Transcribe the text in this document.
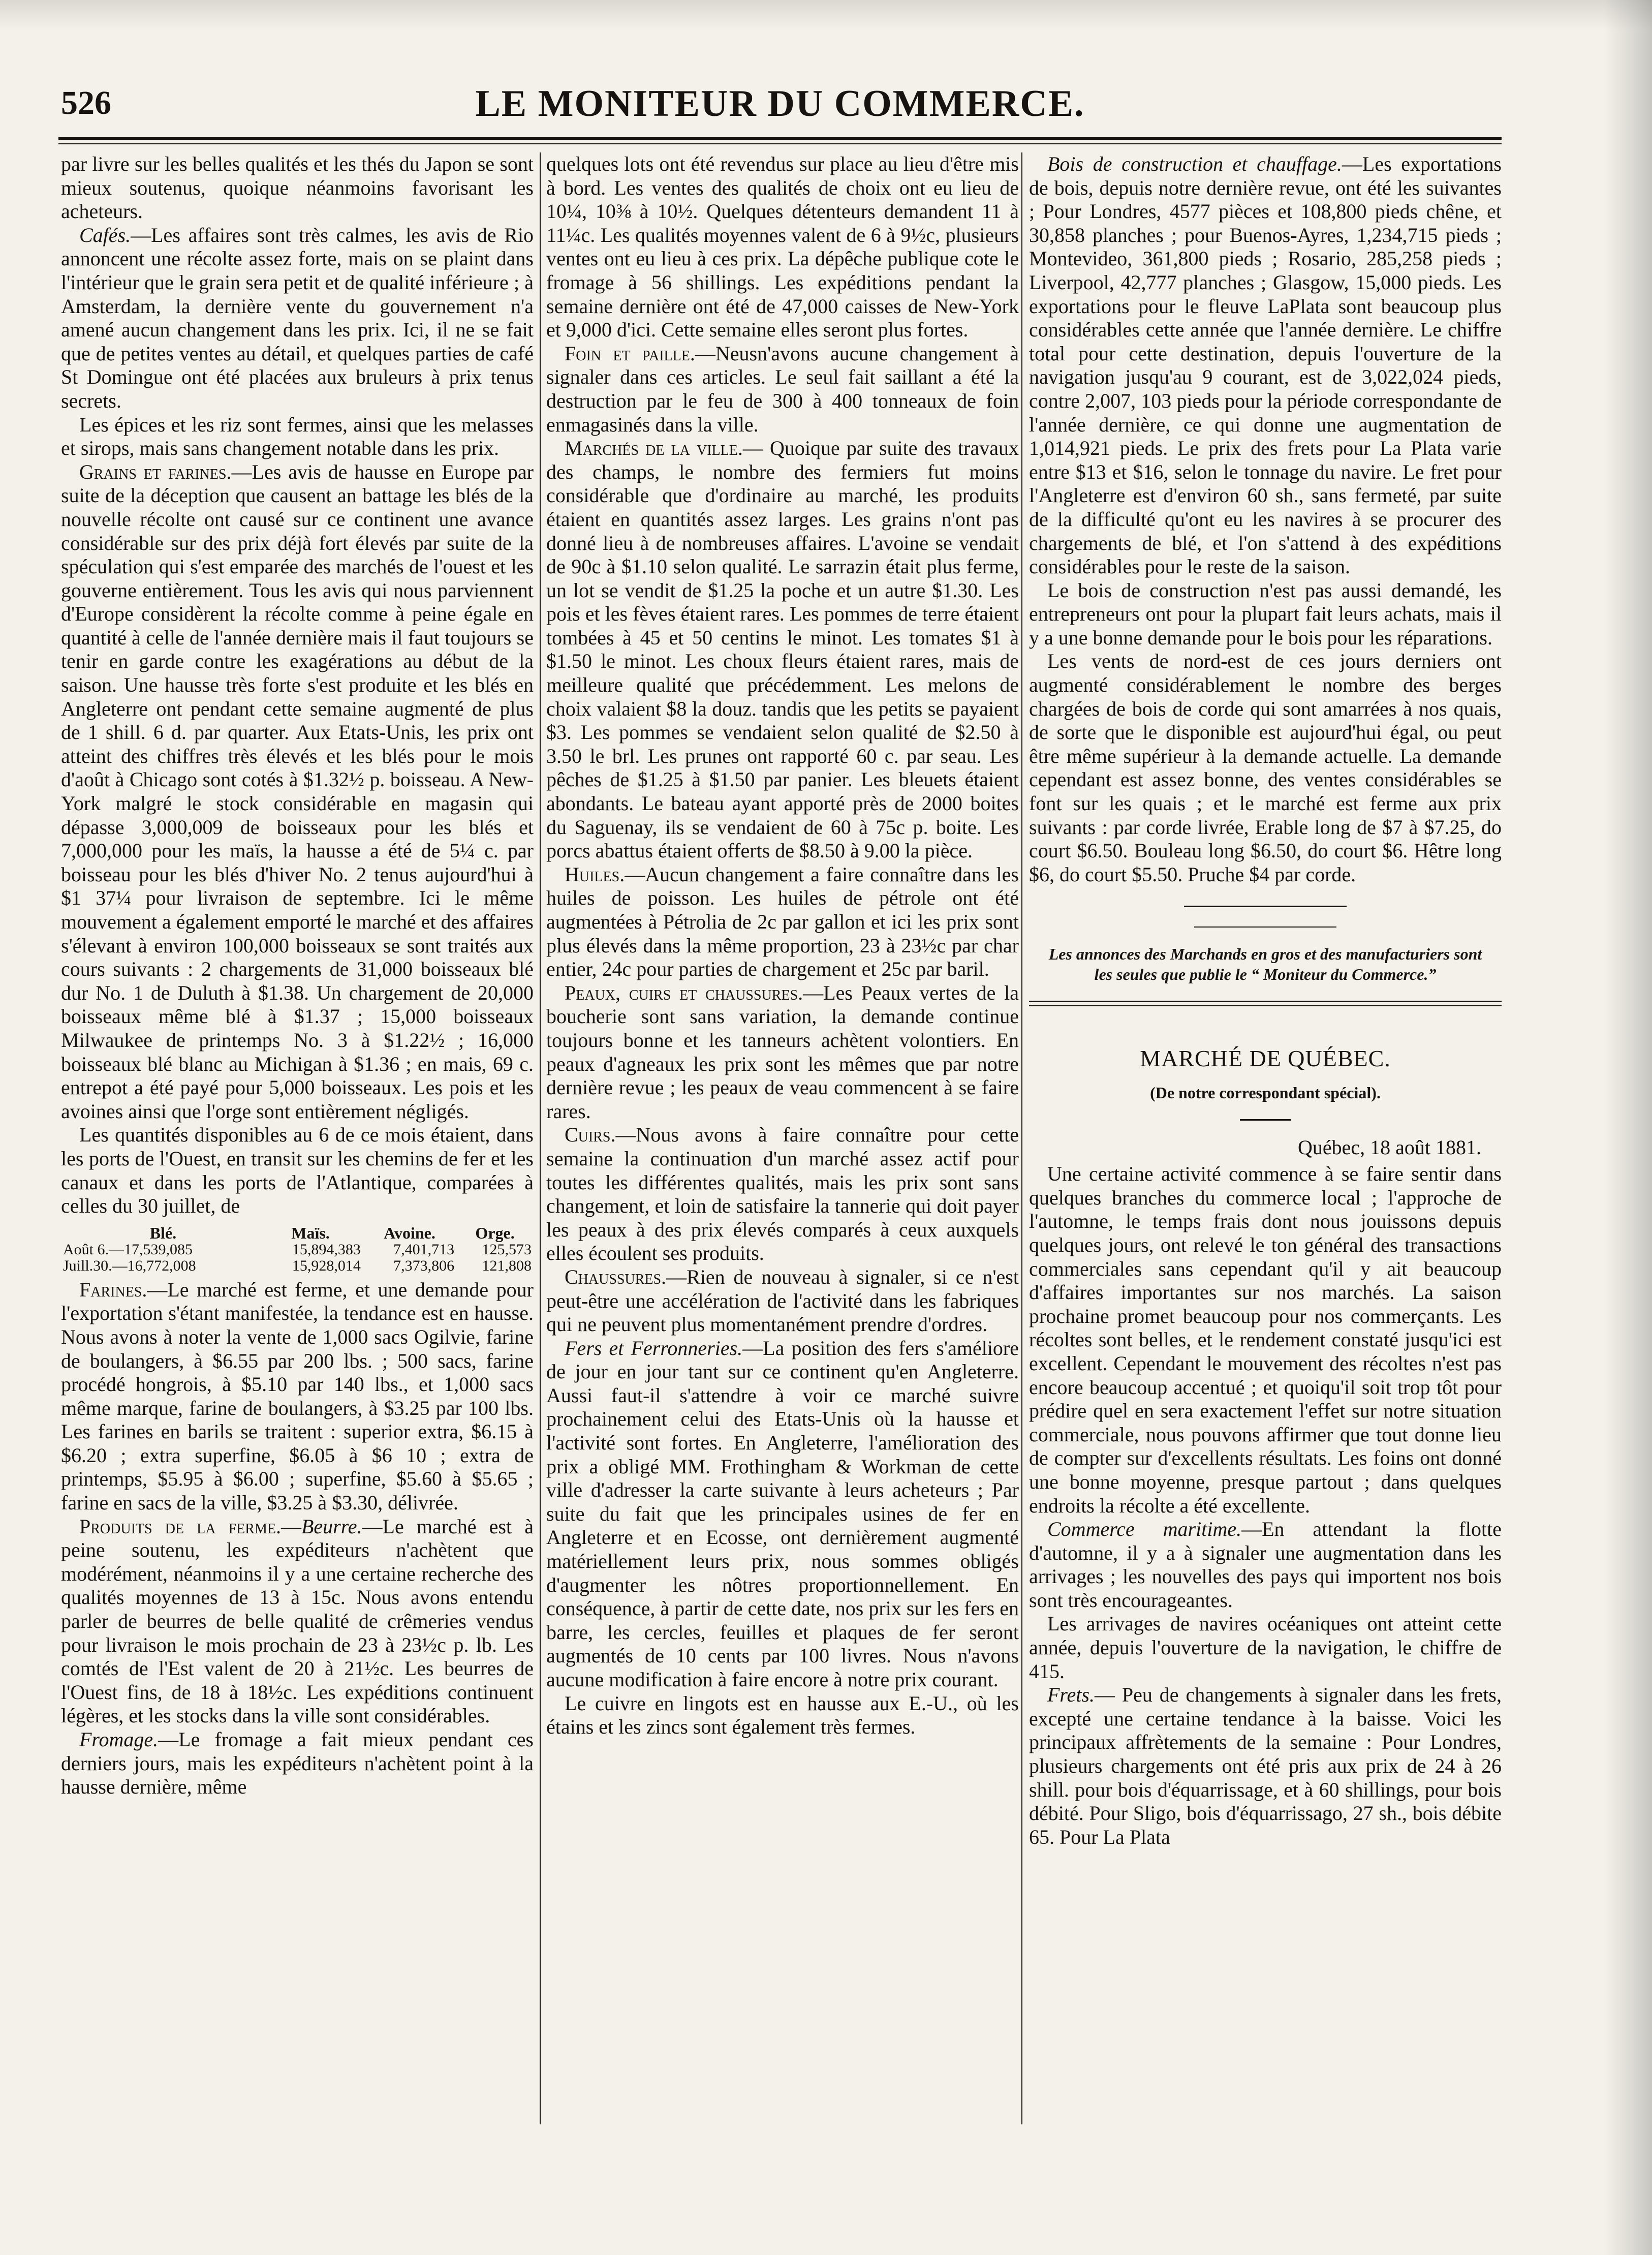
526	LE MONITEUR DU COMMERCE.

par livre sur les belles qualités et les thés du Japon se sont mieux soutenus, quoique néanmoins favorisant les acheteurs.

Cafés.—Les affaires sont très calmes, les avis de Rio annoncent une récolte assez forte, mais on se plaint dans l'intérieur que le grain sera petit et de qualité inférieure ; à Amsterdam, la dernière vente du gouvernement n'a amené aucun changement dans les prix. Ici, il ne se fait que de petites ventes au détail, et quelques parties de café St Domingue ont été placées aux bruleurs à prix tenus secrets.

Les épices et les riz sont fermes, ainsi que les melasses et sirops, mais sans changement notable dans les prix.

Grains et farines.—Les avis de hausse en Europe par suite de la déception que causent an battage les blés de la nouvelle récolte ont causé sur ce continent une avance considérable sur des prix déjà fort élevés par suite de la spéculation qui s'est emparée des marchés de l'ouest et les gouverne entièrement. Tous les avis qui nous parviennent d'Europe considèrent la récolte comme à peine égale en quantité à celle de l'année dernière mais il faut toujours se tenir en garde contre les exagérations au début de la saison. Une hausse très forte s'est produite et les blés en Angleterre ont pendant cette semaine augmenté de plus de 1 shill. 6 d. par quarter. Aux Etats-Unis, les prix ont atteint des chiffres très élevés et les blés pour le mois d'août à Chicago sont cotés à $1.32½ p. boisseau. A New-York malgré le stock considérable en magasin qui dépasse 3,000,009 de boisseaux pour les blés et 7,000,000 pour les maïs, la hausse a été de 5¼ c. par boisseau pour les blés d'hiver No. 2 tenus aujourd'hui à $1 37¼ pour livraison de septembre. Ici le même mouvement a également emporté le marché et des affaires s'élevant à environ 100,000 boisseaux se sont traités aux cours suivants : 2 chargements de 31,000 boisseaux blé dur No. 1 de Duluth à $1.38. Un chargement de 20,000 boisseaux même blé à $1.37 ; 15,000 boisseaux Milwaukee de printemps No. 3 à $1.22½ ; 16,000 boisseaux blé blanc au Michigan à $1.36 ; en mais, 69 c. entrepot a été payé pour 5,000 boisseaux. Les pois et les avoines ainsi que l'orge sont entièrement négligés.

Les quantités disponibles au 6 de ce mois étaient, dans les ports de l'Ouest, en transit sur les chemins de fer et les canaux et dans les ports de l'Atlantique, comparées à celles du 30 juillet, de

	Blé.	Maïs.	Avoine.	Orge.
Août 6.—17,539,085		15,894,383	7,401,713	125,573
Juill.30.—16,772,008		15,928,014	7,373,806	121,808

Farines.—Le marché est ferme, et une demande pour l'exportation s'étant manifestée, la tendance est en hausse. Nous avons à noter la vente de 1,000 sacs Ogilvie, farine de boulangers, à $6.55 par 200 lbs. ; 500 sacs, farine procédé hongrois, à $5.10 par 140 lbs., et 1,000 sacs même marque, farine de boulangers, à $3.25 par 100 lbs. Les farines en barils se traitent : superior extra, $6.15 à $6.20 ; extra superfine, $6.05 à $6 10 ; extra de printemps, $5.95 à $6.00 ; superfine, $5.60 à $5.65 ; farine en sacs de la ville, $3.25 à $3.30, délivrée.

Produits de la ferme.—Beurre.—Le marché est à peine soutenu, les expéditeurs n'achètent que modérément, néanmoins il y a une certaine recherche des qualités moyennes de 13 à 15c. Nous avons entendu parler de beurres de belle qualité de crêmeries vendus pour livraison le mois prochain de 23 à 23½c p. lb. Les comtés de l'Est valent de 20 à 21½c. Les beurres de l'Ouest fins, de 18 à 18½c. Les expéditions continuent légères, et les stocks dans la ville sont considérables.

Fromage.—Le fromage a fait mieux pendant ces derniers jours, mais les expéditeurs n'achètent point à la hausse dernière, même

quelques lots ont été revendus sur place au lieu d'être mis à bord. Les ventes des qualités de choix ont eu lieu de 10¼, 10⅜ à 10½. Quelques détenteurs demandent 11 à 11¼c. Les qualités moyennes valent de 6 à 9½c, plusieurs ventes ont eu lieu à ces prix. La dépêche publique cote le fromage à 56 shillings. Les expéditions pendant la semaine dernière ont été de 47,000 caisses de New-York et 9,000 d'ici. Cette semaine elles seront plus fortes.

Foin et paille.—Neusn'avons aucune changement à signaler dans ces articles. Le seul fait saillant a été la destruction par le feu de 300 à 400 tonneaux de foin enmagasinés dans la ville.

Marchés de la ville.— Quoique par suite des travaux des champs, le nombre des fermiers fut moins considérable que d'ordinaire au marché, les produits étaient en quantités assez larges. Les grains n'ont pas donné lieu à de nombreuses affaires. L'avoine se vendait de 90c à $1.10 selon qualité. Le sarrazin était plus ferme, un lot se vendit de $1.25 la poche et un autre $1.30. Les pois et les fèves étaient rares. Les pommes de terre étaient tombées à 45 et 50 centins le minot. Les tomates $1 à $1.50 le minot. Les choux fleurs étaient rares, mais de meilleure qualité que précédemment. Les melons de choix valaient $8 la douz. tandis que les petits se payaient $3. Les pommes se vendaient selon qualité de $2.50 à 3.50 le brl. Les prunes ont rapporté 60 c. par seau. Les pêches de $1.25 à $1.50 par panier. Les bleuets étaient abondants. Le bateau ayant apporté près de 2000 boites du Saguenay, ils se vendaient de 60 à 75c p. boite. Les porcs abattus étaient offerts de $8.50 à 9.00 la pièce.

Huiles.—Aucun changement a faire connaître dans les huiles de poisson. Les huiles de pétrole ont été augmentées à Pétrolia de 2c par gallon et ici les prix sont plus élevés dans la même proportion, 23 à 23½c par char entier, 24c pour parties de chargement et 25c par baril.

Peaux, cuirs et chaussures.—Les Peaux vertes de la boucherie sont sans variation, la demande continue toujours bonne et les tanneurs achètent volontiers. En peaux d'agneaux les prix sont les mêmes que par notre dernière revue ; les peaux de veau commencent à se faire rares.

Cuirs.—Nous avons à faire connaître pour cette semaine la continuation d'un marché assez actif pour toutes les différentes qualités, mais les prix sont sans changement, et loin de satisfaire la tannerie qui doit payer les peaux à des prix élevés comparés à ceux auxquels elles écoulent ses produits.

Chaussures.—Rien de nouveau à signaler, si ce n'est peut-être une accélération de l'activité dans les fabriques qui ne peuvent plus momentanément prendre d'ordres.

Fers et Ferronneries.—La position des fers s'améliore de jour en jour tant sur ce continent qu'en Angleterre. Aussi faut-il s'attendre à voir ce marché suivre prochainement celui des Etats-Unis où la hausse et l'activité sont fortes. En Angleterre, l'amélioration des prix a obligé MM. Frothingham & Workman de cette ville d'adresser la carte suivante à leurs acheteurs ; Par suite du fait que les principales usines de fer en Angleterre et en Ecosse, ont dernièrement augmenté matériellement leurs prix, nous sommes obligés d'augmenter les nôtres proportionnellement. En conséquence, à partir de cette date, nos prix sur les fers en barre, les cercles, feuilles et plaques de fer seront augmentés de 10 cents par 100 livres. Nous n'avons aucune modification à faire encore à notre prix courant.

Le cuivre en lingots est en hausse aux E.-U., où les étains et les zincs sont également très fermes.

Bois de construction et chauffage.—Les exportations de bois, depuis notre dernière revue, ont été les suivantes ; Pour Londres, 4577 pièces et 108,800 pieds chêne, et 30,858 planches ; pour Buenos-Ayres, 1,234,715 pieds ; Montevideo, 361,800 pieds ; Rosario, 285,258 pieds ; Liverpool, 42,777 planches ; Glasgow, 15,000 pieds. Les exportations pour le fleuve LaPlata sont beaucoup plus considérables cette année que l'année dernière. Le chiffre total pour cette destination, depuis l'ouverture de la navigation jusqu'au 9 courant, est de 3,022,024 pieds, contre 2,007, 103 pieds pour la période correspondante de l'année dernière, ce qui donne une augmentation de 1,014,921 pieds. Le prix des frets pour La Plata varie entre $13 et $16, selon le tonnage du navire. Le fret pour l'Angleterre est d'environ 60 sh., sans fermeté, par suite de la difficulté qu'ont eu les navires à se procurer des chargements de blé, et l'on s'attend à des expéditions considérables pour le reste de la saison.

Le bois de construction n'est pas aussi demandé, les entrepreneurs ont pour la plupart fait leurs achats, mais il y a une bonne demande pour le bois pour les réparations.

Les vents de nord-est de ces jours derniers ont augmenté considérablement le nombre des berges chargées de bois de corde qui sont amarrées à nos quais, de sorte que le disponible est aujourd'hui égal, ou peut être même supérieur à la demande actuelle. La demande cependant est assez bonne, des ventes considérables se font sur les quais ; et le marché est ferme aux prix suivants : par corde livrée, Erable long de $7 à $7.25, do court $6.50. Bouleau long $6.50, do court $6. Hêtre long $6, do court $5.50. Pruche $4 par corde.

Les annonces des Marchands en gros et des manufacturiers sont les seules que publie le “ Moniteur du Commerce.”
MARCHÉ DE QUÉBEC.
(De notre correspondant spécial).
Québec, 18 août 1881.

Une certaine activité commence à se faire sentir dans quelques branches du commerce local ; l'approche de l'automne, le temps frais dont nous jouissons depuis quelques jours, ont relevé le ton général des transactions commerciales sans cependant qu'il y ait beaucoup d'affaires importantes sur nos marchés. La saison prochaine promet beaucoup pour nos commerçants. Les récoltes sont belles, et le rendement constaté jusqu'ici est excellent. Cependant le mouvement des récoltes n'est pas encore beaucoup accentué ; et quoiqu'il soit trop tôt pour prédire quel en sera exactement l'effet sur notre situation commerciale, nous pouvons affirmer que tout donne lieu de compter sur d'excellents résultats. Les foins ont donné une bonne moyenne, presque partout ; dans quelques endroits la récolte a été excellente.

Commerce maritime.—En attendant la flotte d'automne, il y a à signaler une augmentation dans les arrivages ; les nouvelles des pays qui importent nos bois sont très encourageantes.

Les arrivages de navires océaniques ont atteint cette année, depuis l'ouverture de la navigation, le chiffre de 415.

Frets.— Peu de changements à signaler dans les frets, excepté une certaine tendance à la baisse. Voici les principaux affrètements de la semaine : Pour Londres, plusieurs chargements ont été pris aux prix de 24 à 26 shill. pour bois d'équarrissage, et à 60 shillings, pour bois débité. Pour Sligo, bois d'équarrissago, 27 sh., bois débite 65. Pour La Plata
